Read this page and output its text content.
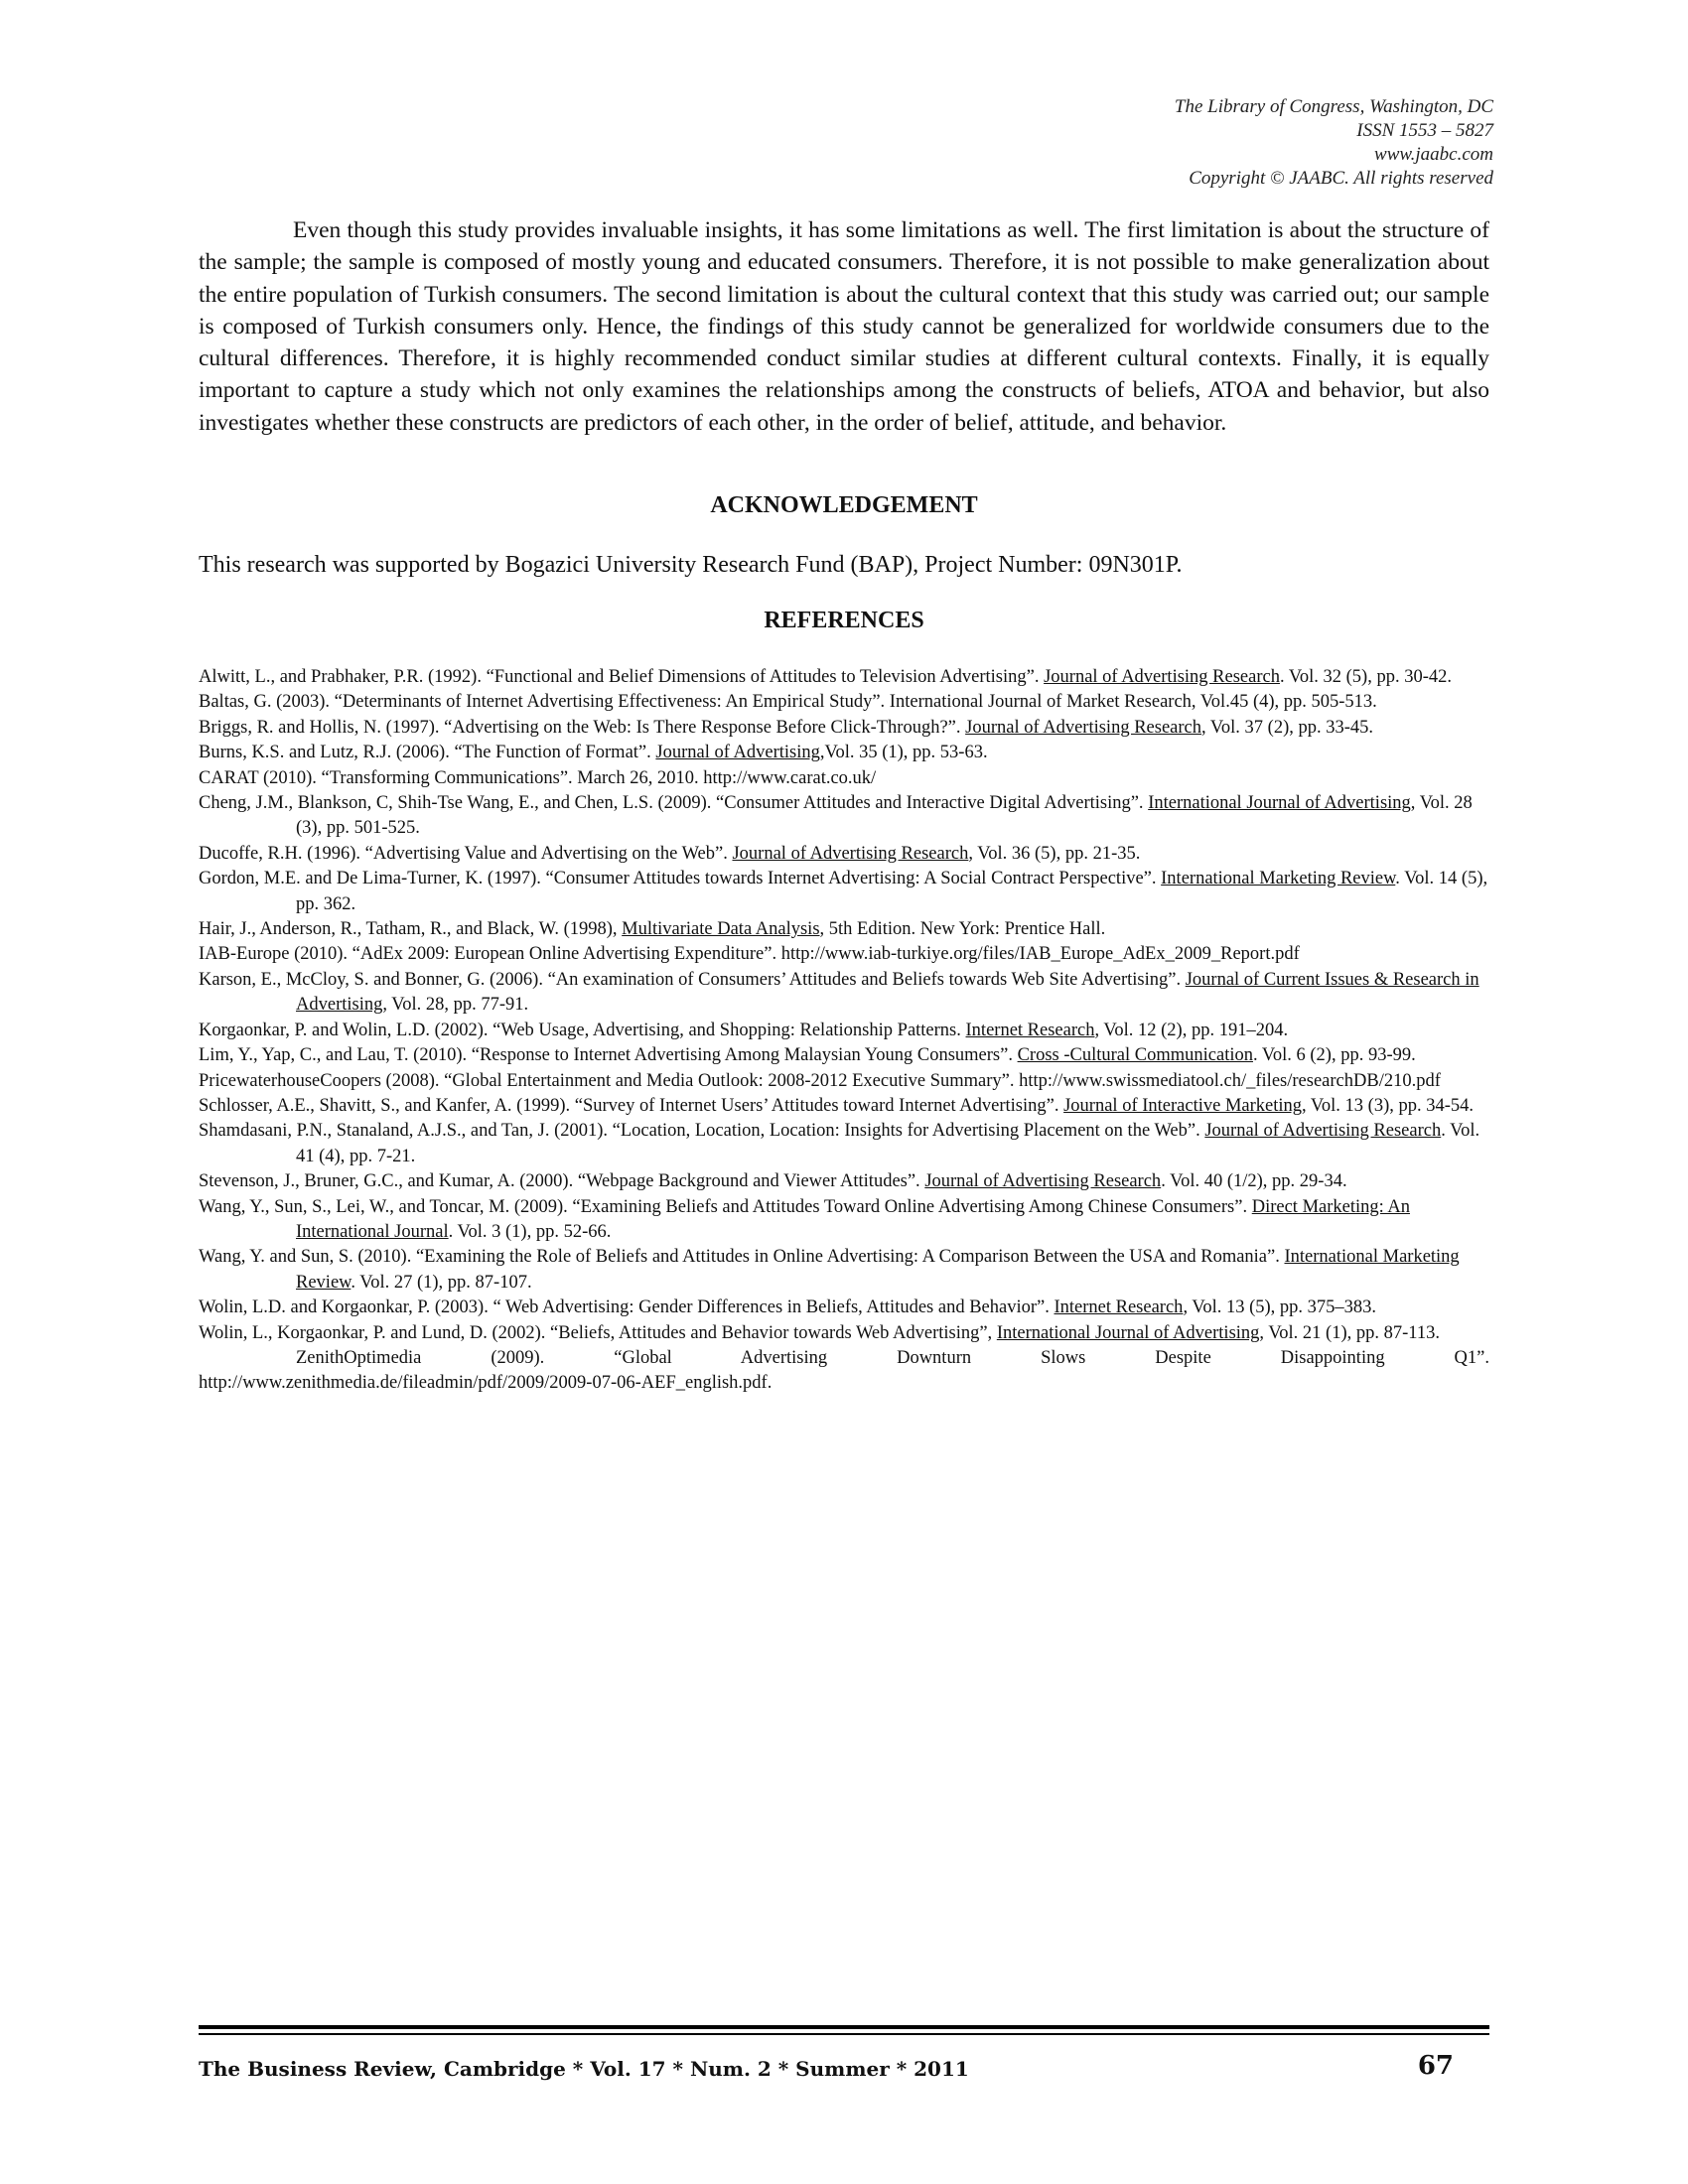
The Library of Congress, Washington, DC
ISSN 1553 – 5827
www.jaabc.com
Copyright © JAABC. All rights reserved

Even though this study provides invaluable insights, it has some limitations as well. The first limitation is about the structure of the sample; the sample is composed of mostly young and educated consumers. Therefore, it is not possible to make generalization about the entire population of Turkish consumers. The second limitation is about the cultural context that this study was carried out; our sample is composed of Turkish consumers only. Hence, the findings of this study cannot be generalized for worldwide consumers due to the cultural differences. Therefore, it is highly recommended conduct similar studies at different cultural contexts. Finally, it is equally important to capture a study which not only examines the relationships among the constructs of beliefs, ATOA and behavior, but also investigates whether these constructs are predictors of each other, in the order of belief, attitude, and behavior.

ACKNOWLEDGEMENT
This research was supported by Bogazici University Research Fund (BAP), Project Number: 09N301P.
REFERENCES
Alwitt, L., and Prabhaker, P.R. (1992). “Functional and Belief Dimensions of Attitudes to Television Advertising”. Journal of Advertising Research. Vol. 32 (5), pp. 30-42.
Baltas, G. (2003). “Determinants of Internet Advertising Effectiveness: An Empirical Study”. International Journal of Market Research, Vol.45 (4), pp. 505-513.
Briggs, R. and Hollis, N. (1997). “Advertising on the Web: Is There Response Before Click-Through?”. Journal of Advertising Research, Vol. 37 (2), pp. 33-45.
Burns, K.S. and Lutz, R.J. (2006). “The Function of Format”. Journal of Advertising,Vol. 35 (1), pp. 53-63.
CARAT (2010). “Transforming Communications”. March 26, 2010. http://www.carat.co.uk/
Cheng, J.M., Blankson, C, Shih-Tse Wang, E., and Chen, L.S. (2009). “Consumer Attitudes and Interactive Digital Advertising”. International Journal of Advertising, Vol. 28 (3), pp. 501-525.
Ducoffe, R.H. (1996). “Advertising Value and Advertising on the Web”. Journal of Advertising Research, Vol. 36 (5), pp. 21-35.
Gordon, M.E. and De Lima-Turner, K. (1997). “Consumer Attitudes towards Internet Advertising: A Social Contract Perspective”. International Marketing Review. Vol. 14 (5), pp. 362.
Hair, J., Anderson, R., Tatham, R., and Black, W. (1998), Multivariate Data Analysis, 5th Edition. New York: Prentice Hall.
IAB-Europe (2010). “AdEx 2009: European Online Advertising Expenditure”. http://www.iab-turkiye.org/files/IAB_Europe_AdEx_2009_Report.pdf
Karson, E., McCloy, S. and Bonner, G. (2006). “An examination of Consumers’ Attitudes and Beliefs towards Web Site Advertising”. Journal of Current Issues & Research in Advertising, Vol. 28, pp. 77-91.
Korgaonkar, P. and Wolin, L.D. (2002). “Web Usage, Advertising, and Shopping: Relationship Patterns. Internet Research, Vol. 12 (2), pp. 191–204.
Lim, Y., Yap, C., and Lau, T. (2010). “Response to Internet Advertising Among Malaysian Young Consumers”. Cross -Cultural Communication. Vol. 6 (2), pp. 93-99.
PricewaterhouseCoopers (2008). “Global Entertainment and Media Outlook: 2008-2012 Executive Summary”. http://www.swissmediatool.ch/_files/researchDB/210.pdf
Schlosser, A.E., Shavitt, S., and Kanfer, A. (1999). “Survey of Internet Users’ Attitudes toward Internet Advertising”. Journal of Interactive Marketing, Vol. 13 (3), pp. 34-54.
Shamdasani, P.N., Stanaland, A.J.S., and Tan, J. (2001). “Location, Location, Location: Insights for Advertising Placement on the Web”. Journal of Advertising Research. Vol. 41 (4), pp. 7-21.
Stevenson, J., Bruner, G.C., and Kumar, A. (2000). “Webpage Background and Viewer Attitudes”. Journal of Advertising Research. Vol. 40 (1/2), pp. 29-34.
Wang, Y., Sun, S., Lei, W., and Toncar, M. (2009). “Examining Beliefs and Attitudes Toward Online Advertising Among Chinese Consumers”. Direct Marketing: An International Journal. Vol. 3 (1), pp. 52-66.
Wang, Y. and Sun, S. (2010). “Examining the Role of Beliefs and Attitudes in Online Advertising: A Comparison Between the USA and Romania”. International Marketing Review. Vol. 27 (1), pp. 87-107.
Wolin, L.D. and Korgaonkar, P. (2003). “ Web Advertising: Gender Differences in Beliefs, Attitudes and Behavior”. Internet Research, Vol. 13 (5), pp. 375–383.
Wolin, L., Korgaonkar, P. and Lund, D. (2002). “Beliefs, Attitudes and Behavior towards Web Advertising”, International Journal of Advertising, Vol. 21 (1), pp. 87-113.
ZenithOptimedia (2009). “Global Advertising Downturn Slows Despite Disappointing Q1”.
http://www.zenithmedia.de/fileadmin/pdf/2009/2009-07-06-AEF_english.pdf.
The Business Review, Cambridge * Vol. 17 * Num. 2 * Summer * 2011	67
